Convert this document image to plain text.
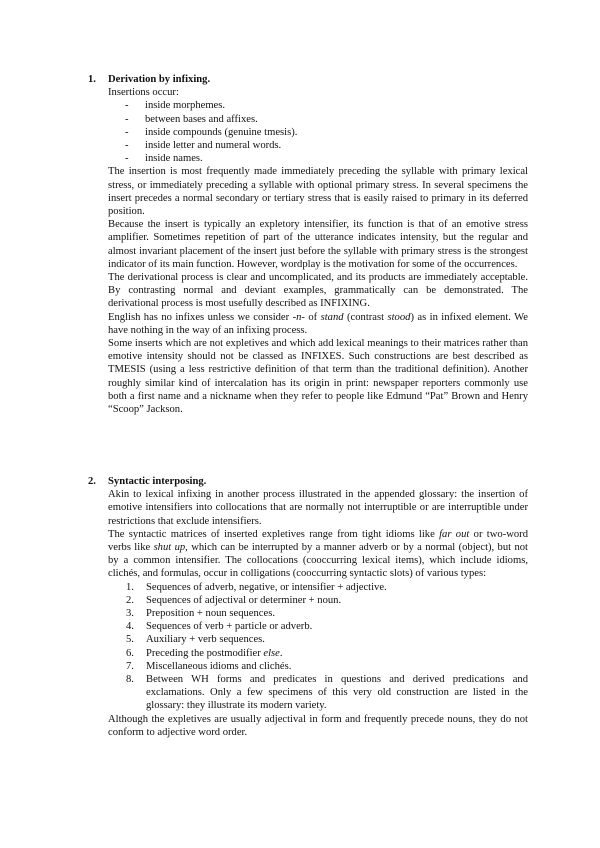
1.	Derivation by infixing.
Insertions occur:
- inside morphemes.
- between bases and affixes.
- inside compounds (genuine tmesis).
- inside letter and numeral words.
- inside names.

The insertion is most frequently made immediately preceding the syllable with primary lexical stress, or immediately preceding a syllable with optional primary stress. In several specimens the insert precedes a normal secondary or tertiary stress that is easily raised to primary in its deferred position.

Because the insert is typically an expletory intensifier, its function is that of an emotive stress amplifier. Sometimes repetition of part of the utterance indicates intensity, but the regular and almost invariant placement of the insert just before the syllable with primary stress is the strongest indicator of its main function. However, wordplay is the motivation for some of the occurrences.

The derivational process is clear and uncomplicated, and its products are immediately acceptable. By contrasting normal and deviant examples, grammatically can be demonstrated. The derivational process is most usefully described as INFIXING.

English has no infixes unless we consider -n- of stand (contrast stood) as in infixed element. We have nothing in the way of an infixing process.

Some inserts which are not expletives and which add lexical meanings to their matrices rather than emotive intensity should not be classed as INFIXES. Such constructions are best described as TMESIS (using a less restrictive definition of that term than the traditional definition). Another roughly similar kind of intercalation has its origin in print: newspaper reporters commonly use both a first name and a nickname when they refer to people like Edmund “Pat” Brown and Henry “Scoop” Jackson.

2.	Syntactic interposing.

Akin to lexical infixing in another process illustrated in the appended glossary: the insertion of emotive intensifiers into collocations that are normally not interruptible or are interruptible under restrictions that exclude intensifiers.

The syntactic matrices of inserted expletives range from tight idioms like far out or two-word verbs like shut up, which can be interrupted by a manner adverb or by a normal (object), but not by a common intensifier. The collocations (cooccurring lexical items), which include idioms, clichés, and formulas, occur in colligations (cooccurring syntactic slots) of various types:

1. Sequences of adverb, negative, or intensifier + adjective.
2. Sequences of adjectival or determiner + noun.
3. Preposition + noun sequences.
4. Sequences of verb + particle or adverb.
5. Auxiliary + verb sequences.
6. Preceding the postmodifier else.
7. Miscellaneous idioms and clichés.
8. Between WH forms and predicates in questions and derived predications and exclamations. Only a few specimens of this very old construction are listed in the glossary: they illustrate its modern variety.

Although the expletives are usually adjectival in form and frequently precede nouns, they do not conform to adjective word order.
